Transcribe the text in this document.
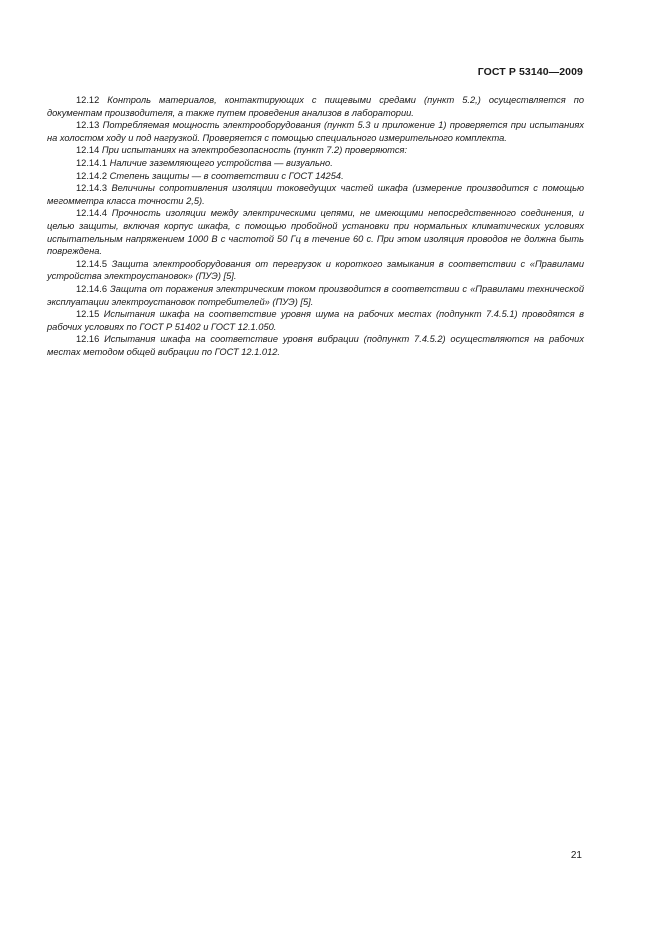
ГОСТ Р 53140—2009

12.12 Контроль материалов, контактирующих с пищевыми средами (пункт 5.2,) осуществляется по документам производителя, а также путем проведения анализов в лаборатории.

12.13 Потребляемая мощность электрооборудования (пункт 5.3 и приложение 1) проверяется при испытаниях на холостом ходу и под нагрузкой. Проверяется с помощью специального измерительного комплекта.

12.14 При испытаниях на электробезопасность (пункт 7.2) проверяются:

12.14.1 Наличие заземляющего устройства — визуально.

12.14.2 Степень защиты — в соответствии с ГОСТ 14254.

12.14.3 Величины сопротивления изоляции токоведущих частей шкафа (измерение производится с помощью мегомметра класса точности 2,5).

12.14.4 Прочность изоляции между электрическими цепями, не имеющими непосредственного соединения, и целью защиты, включая корпус шкафа, с помощью пробойной установки при нормальных климатических условиях испытательным напряжением 1000 В с частотой 50 Гц в течение 60 с. При этом изоляция проводов не должна быть повреждена.

12.14.5 Защита электрооборудования от перегрузок и короткого замыкания в соответствии с «Правилами устройства электроустановок» (ПУЭ) [5].

12.14.6 Защита от поражения электрическим током производится в соответствии с «Правилами технической эксплуатации электроустановок потребителей» (ПУЭ) [5].

12.15 Испытания шкафа на соответствие уровня шума на рабочих местах (подпункт 7.4.5.1) проводятся в рабочих условиях по ГОСТ Р 51402 и ГОСТ 12.1.050.

12.16 Испытания шкафа на соответствие уровня вибрации (подпункт 7.4.5.2) осуществляются на рабочих местах методом общей вибрации по ГОСТ 12.1.012.

21
